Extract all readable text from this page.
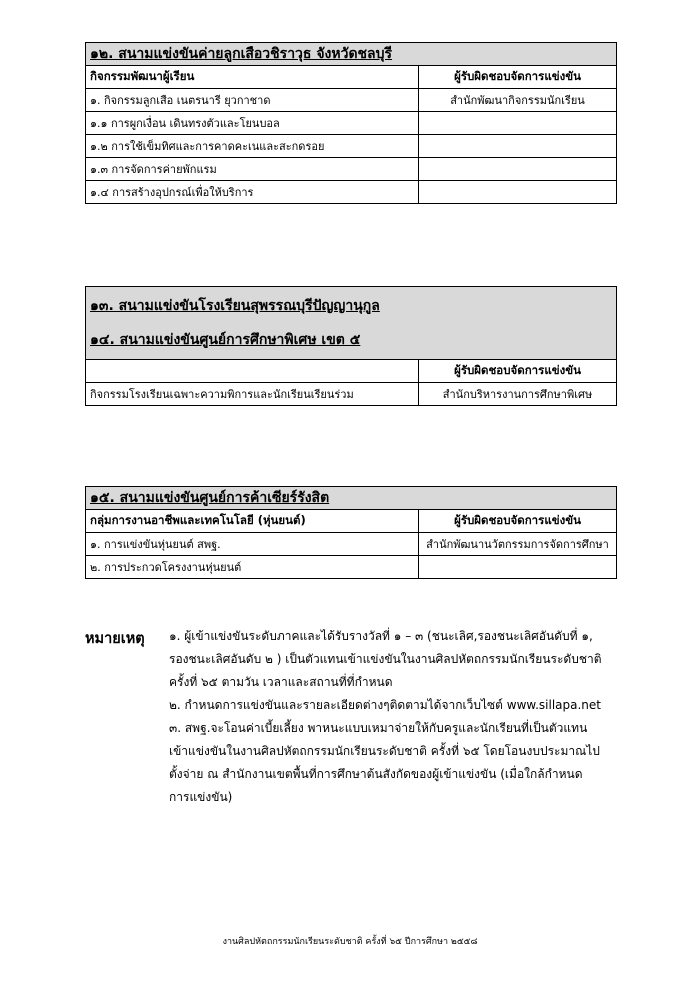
๑๒. สนามแข่งขันค่ายลูกเสือวชิราวุธ จังหวัดชลบุรี	
กิจกรรมพัฒนาผู้เรียน	ผู้รับผิดชอบจัดการแข่งขัน
๑. กิจกรรมลูกเสือ เนตรนารี ยุวกาชาด	สำนักพัฒนากิจกรรมนักเรียน
๑.๑ การผูกเงื่อน เดินทรงตัวและโยนบอล	
๑.๒ การใช้เข็มทิศและการคาดคะเนและสะกดรอย	
๑.๓ การจัดการค่ายพักแรม	
๑.๔ การสร้างอุปกรณ์เพื่อให้บริการ	
๑๓. สนามแข่งขันโรงเรียนสุพรรณบุรีปัญญานุกูล
๑๔. สนามแข่งขันศูนย์การศึกษาพิเศษ เขต ๕	

	ผู้รับผิดชอบจัดการแข่งขัน
กิจกรรมโรงเรียนเฉพาะความพิการและนักเรียนเรียนร่วม	สำนักบริหารงานการศึกษาพิเศษ
๑๕. สนามแข่งขันศูนย์การค้าเซียร์รังสิต	
กลุ่มการงานอาชีพและเทคโนโลยี (หุ่นยนต์)	ผู้รับผิดชอบจัดการแข่งขัน
๑. การแข่งขันหุ่นยนต์ สพฐ.	สำนักพัฒนานวัตกรรมการจัดการศึกษา
๒. การประกวดโครงงานหุ่นยนต์	
หมายเหตุ ๑. ผู้เข้าแข่งขันระดับภาคและได้รับรางวัลที่ ๑ – ๓ (ชนะเลิศ,รองชนะเลิศอันดับที่ ๑,
รองชนะเลิศอันดับ ๒ ) เป็นตัวแทนเข้าแข่งขันในงานศิลปหัตถกรรมนักเรียนระดับชาติ
ครั้งที่ ๖๕ ตามวัน เวลาและสถานที่ที่กำหนด
๒. กำหนดการแข่งขันและรายละเอียดต่างๆติดตามได้จากเว็บไซต์ www.sillapa.net
๓. สพฐ.จะโอนค่าเบี้ยเลี้ยง พาหนะแบบเหมาจ่ายให้กับครูและนักเรียนที่เป็นตัวแทน
เข้าแข่งขันในงานศิลปหัตถกรรมนักเรียนระดับชาติ ครั้งที่ ๖๕ โดยโอนงบประมาณไป
ตั้งจ่าย ณ สำนักงานเขตพื้นที่การศึกษาต้นสังกัดของผู้เข้าแข่งขัน (เมื่อใกล้กำหนด
การแข่งขัน)
งานศิลปหัตถกรรมนักเรียนระดับชาติ ครั้งที่ ๖๕ ปีการศึกษา ๒๕๕๘
